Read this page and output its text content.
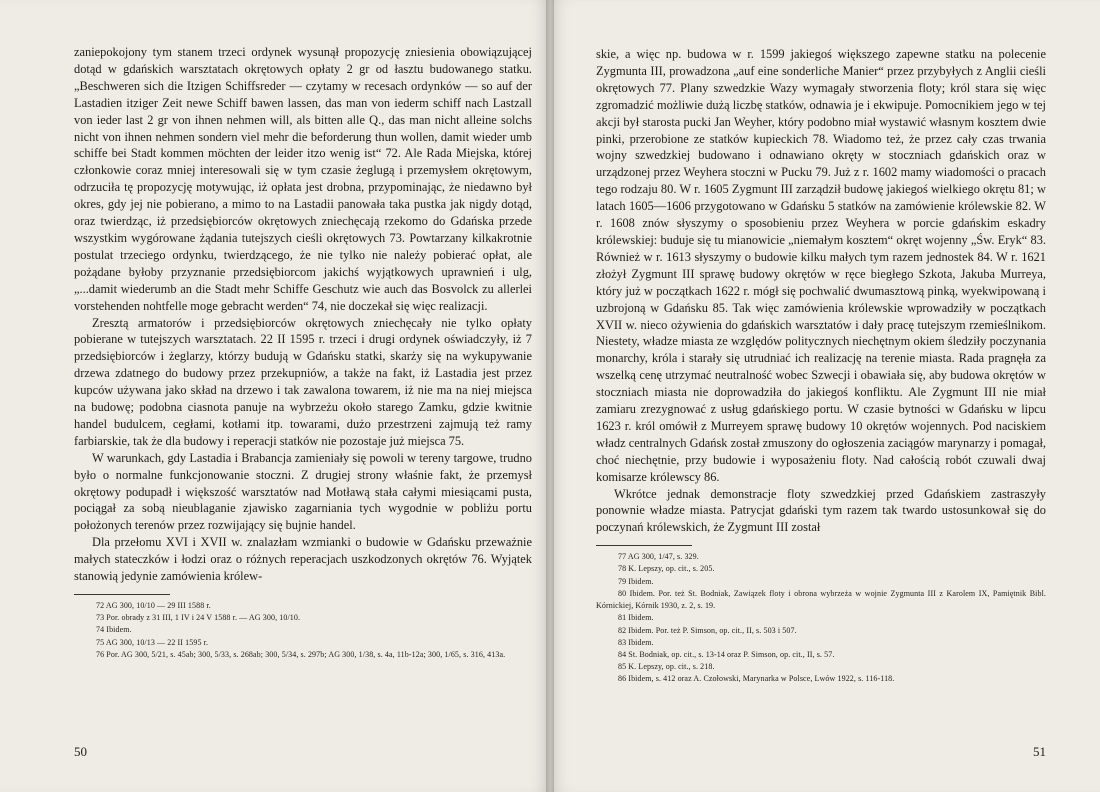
zaniepokojony tym stanem trzeci ordynek wysunął propozycję zniesienia obowiązującej dotąd w gdańskich warsztatach okrętowych opłaty 2 gr od łasztu budowanego statku. „Beschweren sich die Itzigen Schiffsreder — czytamy w recesach ordynków — so auf der Lastadien itziger Zeit newe Schiff bawen lassen, das man von iederm schiff nach Lastzall von ieder last 2 gr von ihnen nehmen will, als bitten alle Q., das man nicht alleine solchs nicht von ihnen nehmen sondern viel mehr die beforderung thun wollen, damit wieder umb schiffe bei Stadt kommen möchten der leider itzo wenig ist“ 72. Ale Rada Miejska, której członkowie coraz mniej interesowali się w tym czasie żeglugą i przemysłem okrętowym, odrzuciła tę propozycję motywując, iż opłata jest drobna, przypominając, że niedawno był okres, gdy jej nie pobierano, a mimo to na Lastadii panowała taka pustka jak nigdy dotąd, oraz twierdząc, iż przedsiębiorców okrętowych zniechęcają rzekomo do Gdańska przede wszystkim wygórowane żądania tutejszych cieśli okrętowych 73. Powtarzany kilkakrotnie postulat trzeciego ordynku, twierdzącego, że nie tylko nie należy pobierać opłat, ale pożądane byłoby przyznanie przedsiębiorcom jakichś wyjątkowych uprawnień i ulg, „...damit wiederumb an die Stadt mehr Schiffe Geschutz wie auch das Bosvolck zu allerlei vorstehenden nohtfelle moge gebracht werden“ 74, nie doczekał się więc realizacji.

Zresztą armatorów i przedsiębiorców okrętowych zniechęcały nie tylko opłaty pobierane w tutejszych warsztatach. 22 II 1595 r. trzeci i drugi ordynek oświadczyły, iż 7 przedsiębiorców i żeglarzy, którzy budują w Gdańsku statki, skarży się na wykupywanie drzewa zdatnego do budowy przez przekupniów, a także na fakt, iż Lastadia jest przez kupców używana jako skład na drzewo i tak zawalona towarem, iż nie ma na niej miejsca na budowę; podobna ciasnota panuje na wybrzeżu około starego Zamku, gdzie kwitnie handel budulcem, cegłami, kotłami itp. towarami, dużo przestrzeni zajmują też ramy farbiarskie, tak że dla budowy i reperacji statków nie pozostaje już miejsca 75.

W warunkach, gdy Lastadia i Brabancja zamieniały się powoli w tereny targowe, trudno było o normalne funkcjonowanie stoczni. Z drugiej strony właśnie fakt, że przemysł okrętowy podupadł i większość warsztatów nad Motławą stała całymi miesiącami pusta, pociągał za sobą nieublaganie zjawisko zagarniania tych wygodnie w pobliżu portu położonych terenów przez rozwijający się bujnie handel.

Dla przełomu XVI i XVII w. znalazłam wzmianki o budowie w Gdańsku przeważnie małych stateczków i łodzi oraz o różnych reperacjach uszkodzonych okrętów 76. Wyjątek stanowią jedynie zamówienia królew-

72 AG 300, 10/10 — 29 III 1588 r.

73 Por. obrady z 31 III, 1 IV i 24 V 1588 r. — AG 300, 10/10.

74 Ibidem.

75 AG 300, 10/13 — 22 II 1595 r.

76 Por. AG 300, 5/21, s. 45ab; 300, 5/33, s. 268ab; 300, 5/34, s. 297b; AG 300, 1/38, s. 4a, 11b-12a; 300, 1/65, s. 316, 413a.

50

skie, a więc np. budowa w r. 1599 jakiegoś większego zapewne statku na polecenie Zygmunta III, prowadzona „auf eine sonderliche Manier“ przez przybyłych z Anglii cieśli okrętowych 77. Plany szwedzkie Wazy wymagały stworzenia floty; król stara się więc zgromadzić możliwie dużą liczbę statków, odnawia je i ekwipuje. Pomocnikiem jego w tej akcji był starosta pucki Jan Weyher, który podobno miał wystawić własnym kosztem dwie pinki, przerobione ze statków kupieckich 78. Wiadomo też, że przez cały czas trwania wojny szwedzkiej budowano i odnawiano okręty w stoczniach gdańskich oraz w urządzonej przez Weyhera stoczni w Pucku 79. Już z r. 1602 mamy wiadomości o pracach tego rodzaju 80. W r. 1605 Zygmunt III zarządził budowę jakiegoś wielkiego okrętu 81; w latach 1605—1606 przygotowano w Gdańsku 5 statków na zamówienie królewskie 82. W r. 1608 znów słyszymy o sposobieniu przez Weyhera w porcie gdańskim eskadry królewskiej: buduje się tu mianowicie „niemałym kosztem“ okręt wojenny „Św. Eryk“ 83. Również w r. 1613 słyszymy o budowie kilku małych tym razem jednostek 84. W r. 1621 złożył Zygmunt III sprawę budowy okrętów w ręce biegłego Szkota, Jakuba Murreya, który już w początkach 1622 r. mógł się pochwalić dwumasztową pinką, wyekwipowaną i uzbrojoną w Gdańsku 85. Tak więc zamówienia królewskie wprowadziły w początkach XVII w. nieco ożywienia do gdańskich warsztatów i dały pracę tutejszym rzemieślnikom. Niestety, władze miasta ze względów politycznych niechętnym okiem śledziły poczynania monarchy, króla i starały się utrudniać ich realizację na terenie miasta. Rada pragnęła za wszelką cenę utrzymać neutralność wobec Szwecji i obawiała się, aby budowa okrętów w stoczniach miasta nie doprowadziła do jakiegoś konfliktu. Ale Zygmunt III nie miał zamiaru zrezygnować z usług gdańskiego portu. W czasie bytności w Gdańsku w lipcu 1623 r. król omówił z Murreyem sprawę budowy 10 okrętów wojennych. Pod naciskiem władz centralnych Gdańsk został zmuszony do ogłoszenia zaciągów marynarzy i pomagał, choć niechętnie, przy budowie i wyposażeniu floty. Nad całością robót czuwali dwaj komisarze królewscy 86.

Wkrótce jednak demonstracje floty szwedzkiej przed Gdańskiem zastraszyły ponownie władze miasta. Patrycjat gdański tym razem tak twardo ustosunkował się do poczynań królewskich, że Zygmunt III został

77 AG 300, 1/47, s. 329.

78 K. Lepszy, op. cit., s. 205.

79 Ibidem.

80 Ibidem. Por. też St. Bodniak, Zawiązek floty i obrona wybrzeża w wojnie Zygmunta III z Karolem IX, Pamiętnik Bibl. Kórnickiej, Kórnik 1930, z. 2, s. 19.

81 Ibidem.

82 Ibidem. Por. też P. Simson, op. cit., II, s. 503 i 507.

83 Ibidem.

84 St. Bodniak, op. cit., s. 13-14 oraz P. Simson, op. cit., II, s. 57.

85 K. Lepszy, op. cit., s. 218.

86 Ibidem, s. 412 oraz A. Czołowski, Marynarka w Polsce, Lwów 1922, s. 116-118.

51
